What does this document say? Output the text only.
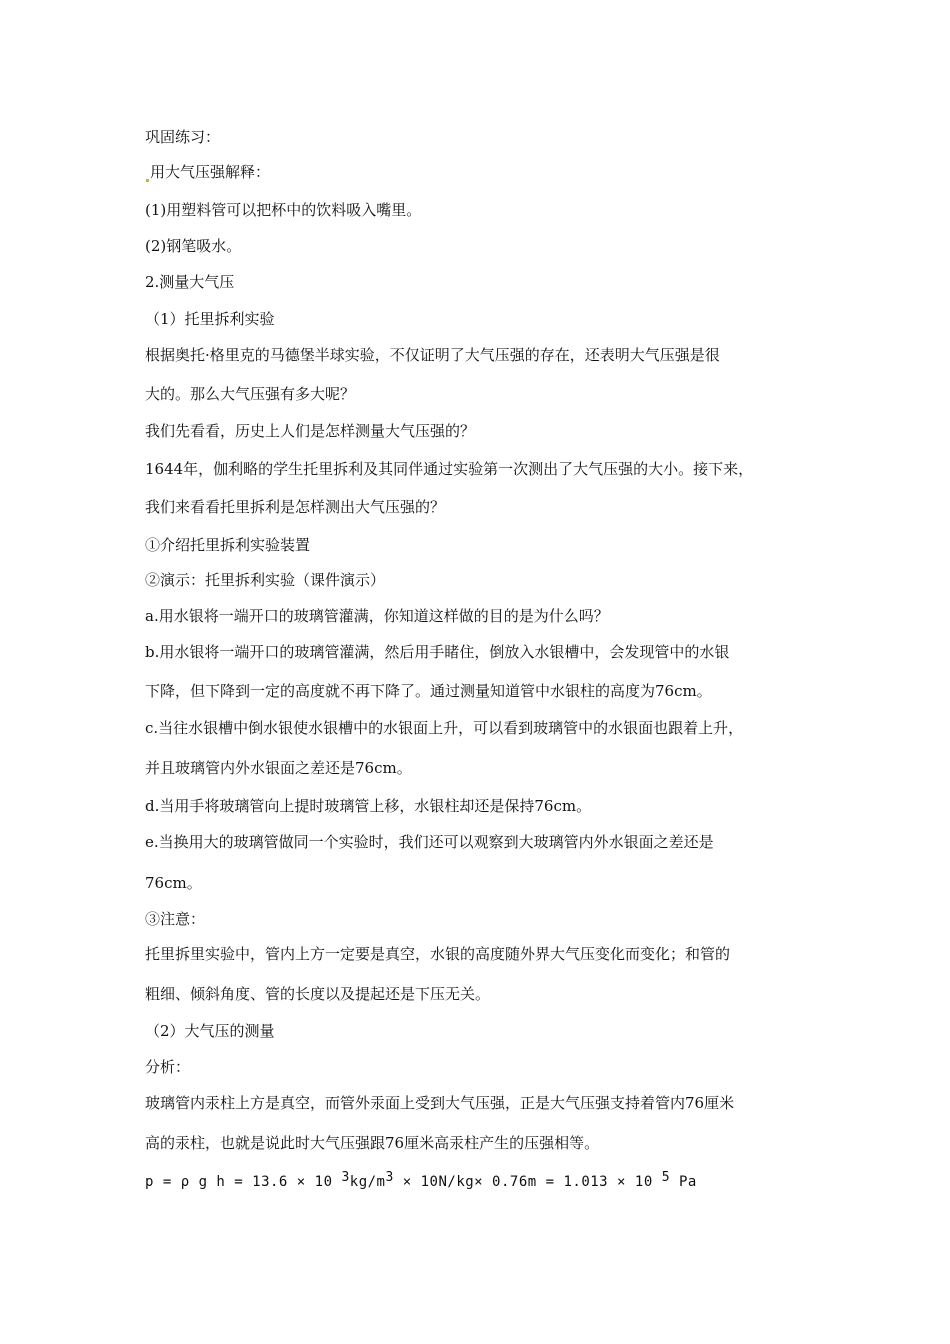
巩固练习：
用大气压强解释：
(1)用塑料管可以把杯中的饮料吸入嘴里。
(2)钢笔吸水。
2.测量大气压
（1）托里拆利实验
根据奥托·格里克的马德堡半球实验，不仅证明了大气压强的存在，还表明大气压强是很
大的。那么大气压强有多大呢？
我们先看看，历史上人们是怎样测量大气压强的？
1644年，伽利略的学生托里拆利及其同伴通过实验第一次测出了大气压强的大小。接下来，
我们来看看托里拆利是怎样测出大气压强的？
①介绍托里拆利实验装置
②演示：托里拆利实验（课件演示）
a.用水银将一端开口的玻璃管灌满，你知道这样做的目的是为什么吗？
b.用水银将一端开口的玻璃管灌满，然后用手睹住，倒放入水银槽中，会发现管中的水银
下降，但下降到一定的高度就不再下降了。通过测量知道管中水银柱的高度为76cm。
c.当往水银槽中倒水银使水银槽中的水银面上升，可以看到玻璃管中的水银面也跟着上升，
并且玻璃管内外水银面之差还是76cm。
d.当用手将玻璃管向上提时玻璃管上移，水银柱却还是保持76cm。
e.当换用大的玻璃管做同一个实验时，我们还可以观察到大玻璃管内外水银面之差还是
76cm。
③注意：
托里拆里实验中，管内上方一定要是真空，水银的高度随外界大气压变化而变化；和管的
粗细、倾斜角度、管的长度以及提起还是下压无关。
（2）大气压的测量
分析：
玻璃管内汞柱上方是真空，而管外汞面上受到大气压强，正是大气压强支持着管内76厘米
高的汞柱，也就是说此时大气压强跟76厘米高汞柱产生的压强相等。
p = ρ g h = 13.6 × 10 3kg/m3 × 10N/kg× 0.76m = 1.013 × 10 5 Pa
